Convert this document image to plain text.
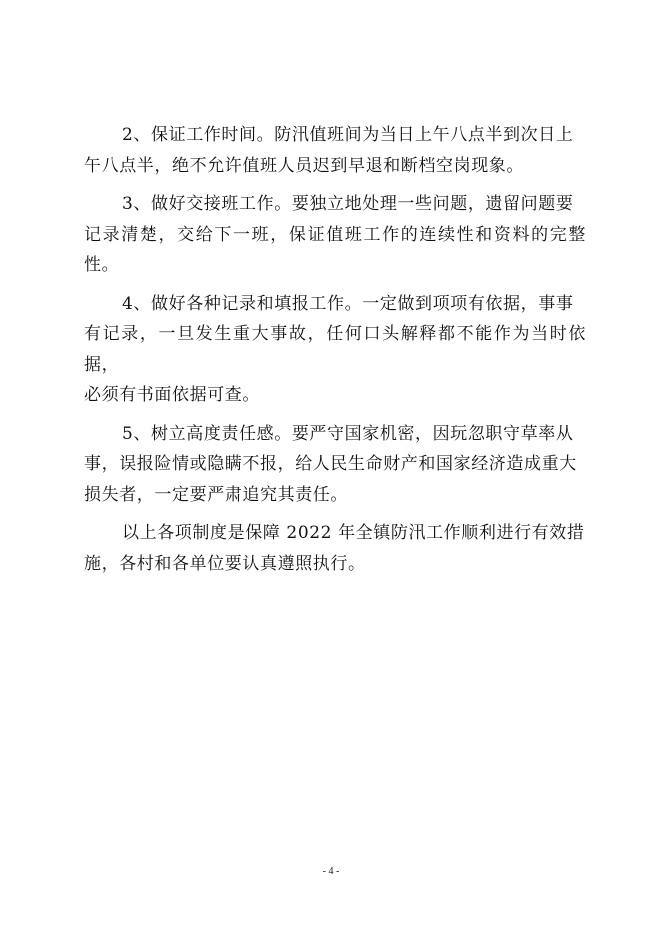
2、保证工作时间。防汛值班间为当日上午八点半到次日上
午八点半，绝不允许值班人员迟到早退和断档空岗现象。

3、做好交接班工作。要独立地处理一些问题，遗留问题要
记录清楚，交给下一班，保证值班工作的连续性和资料的完整性。

4、做好各种记录和填报工作。一定做到项项有依据，事事
有记录，一旦发生重大事故，任何口头解释都不能作为当时依据，
必须有书面依据可查。

5、树立高度责任感。要严守国家机密，因玩忽职守草率从
事，误报险情或隐瞒不报，给人民生命财产和国家经济造成重大
损失者，一定要严肃追究其责任。

以上各项制度是保障 2022 年全镇防汛工作顺利进行有效措
施，各村和各单位要认真遵照执行。

- 4 -
